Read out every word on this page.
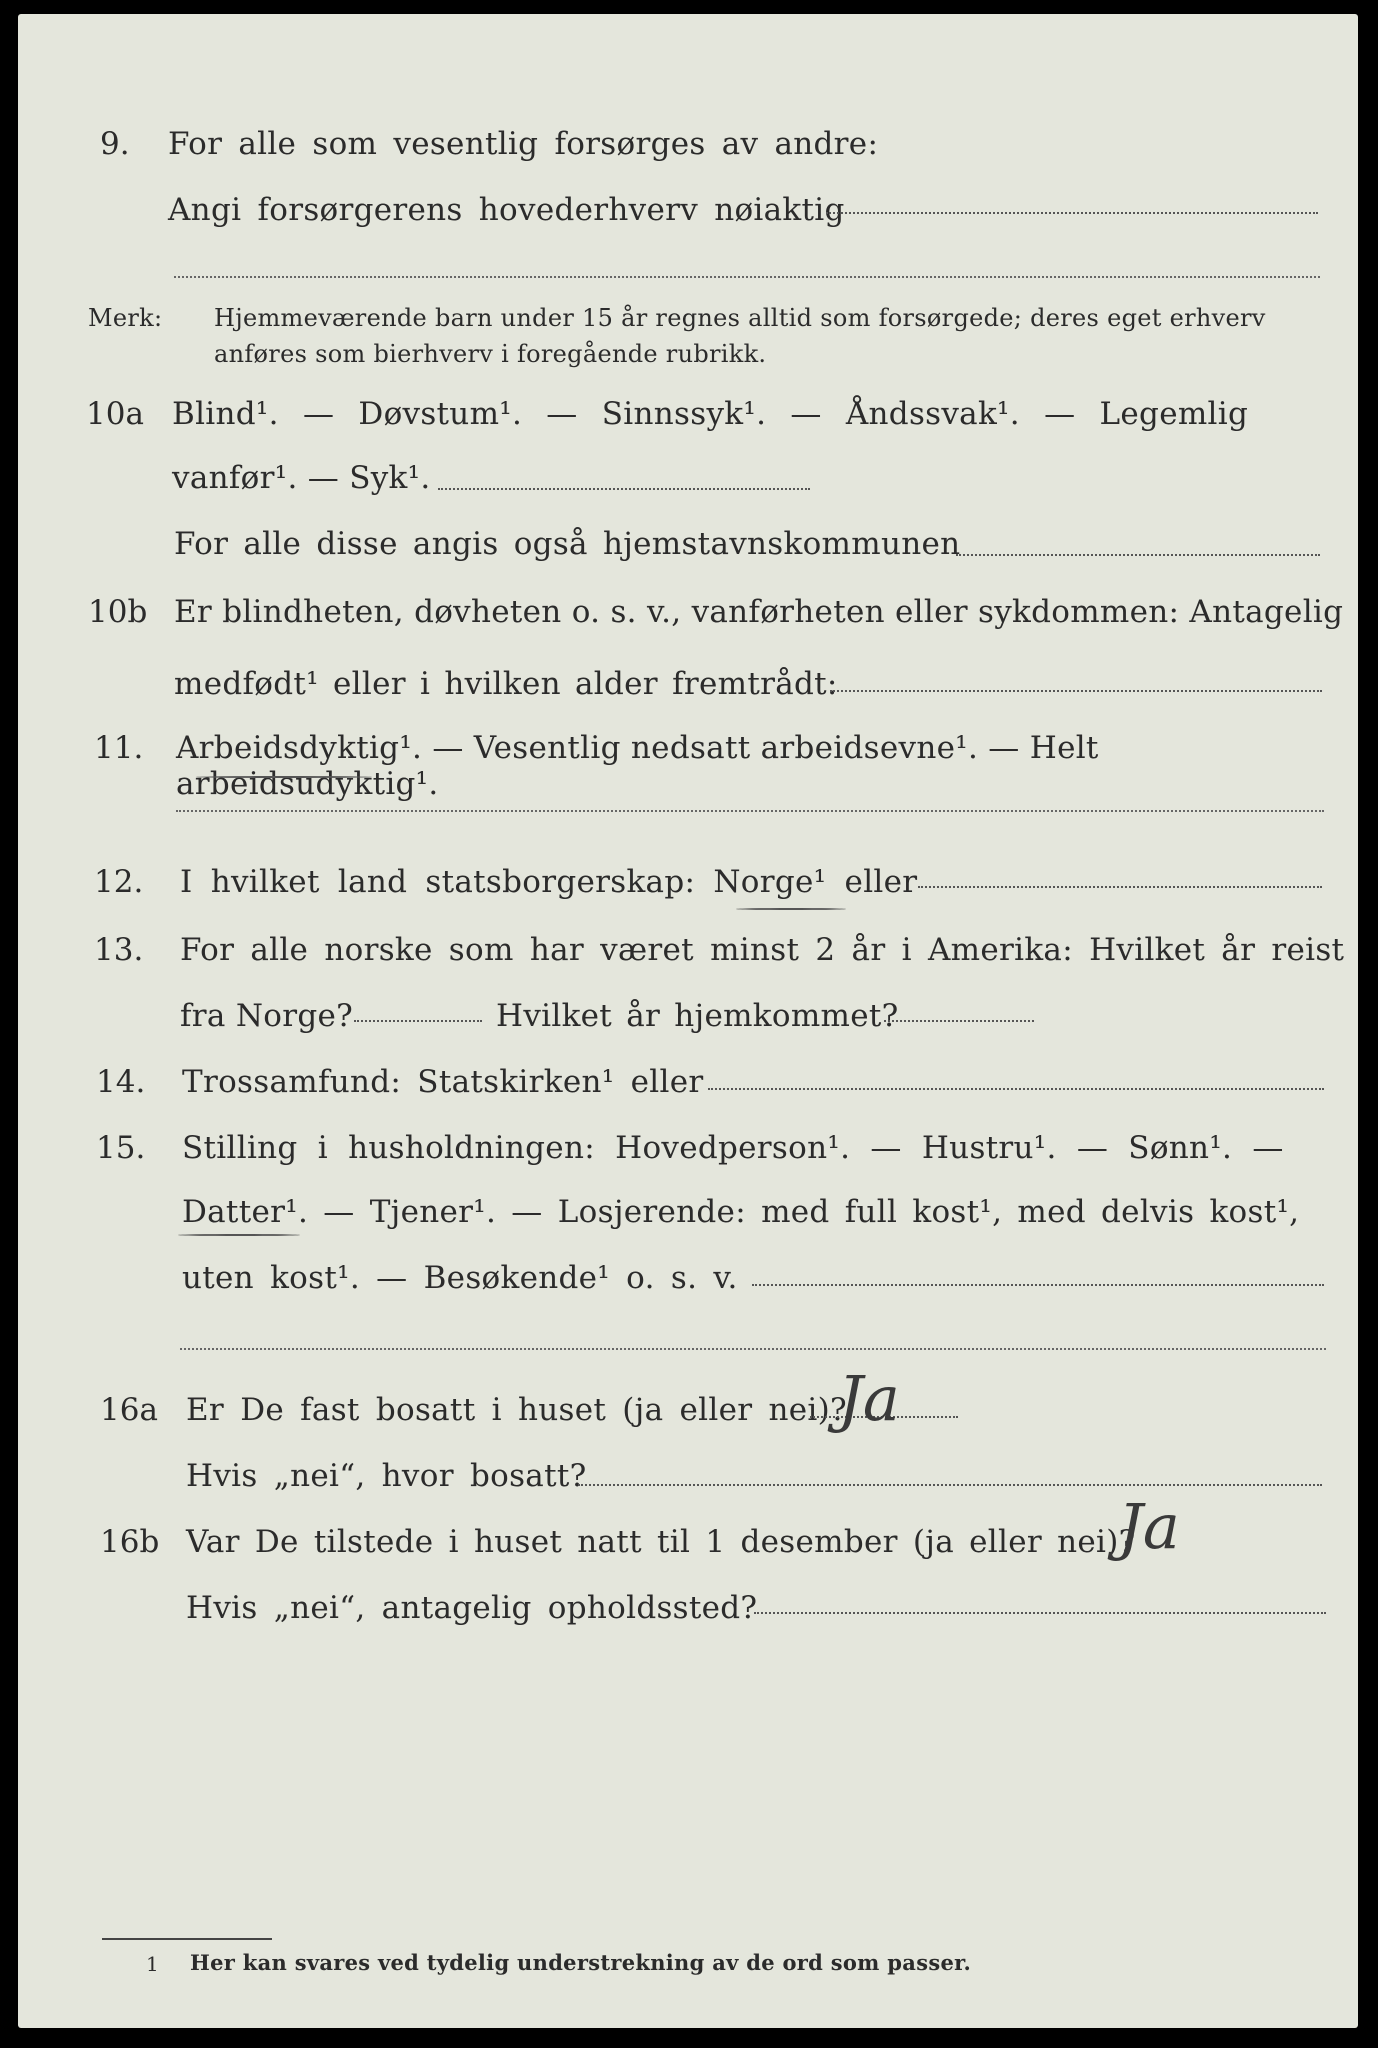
9. For alle som vesentlig forsørges av andre:
Angi forsørgerens hovederhverv nøiaktig
Merk: Hjemmeværende barn under 15 år regnes alltid som forsørgede; deres eget erhverv
anføres som bierhverv i foregående rubrikk.
10a Blind¹. — Døvstum¹. — Sinnssyk¹. — Åndssvak¹. — Legemlig
vanfør¹. — Syk¹.
For alle disse angis også hjemstavnskommunen
10b Er blindheten, døvheten o. s. v., vanførheten eller sykdommen: Antagelig
medfødt¹ eller i hvilken alder fremtrådt:
11. Arbeidsdyktig¹. — Vesentlig nedsatt arbeidsevne¹. — Helt arbeidsudyktig¹.
12. I hvilket land statsborgerskap: Norge¹ eller
13. For alle norske som har været minst 2 år i Amerika: Hvilket år reist
fra Norge?	Hvilket år hjemkommet?
14. Trossamfund: Statskirken¹ eller
15. Stilling i husholdningen: Hovedperson¹. — Hustru¹. — Sønn¹. —
Datter¹. — Tjener¹. — Losjerende: med full kost¹, med delvis kost¹,
uten kost¹. — Besøkende¹ o. s. v.
16a Er De fast bosatt i huset (ja eller nei)?
Ja
Hvis „nei“, hvor bosatt?
16b Var De tilstede i huset natt til 1 desember (ja eller nei)?
Ja
Hvis „nei“, antagelig opholdssted?
1 Her kan svares ved tydelig understrekning av de ord som passer.
